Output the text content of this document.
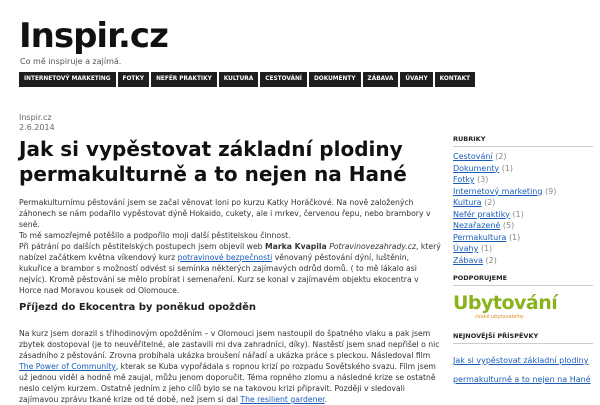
Inspir.cz
Co mě inspiruje a zajímá.
INTERNETOVÝ MARKETING	FOTKY	NEFÉR PRAKTIKY	KULTURA	CESTOVÁNÍ	DOKUMENTY	ZÁBAVA	ÚVAHY	KONTAKT
Inspir.cz
2.6.2014
Jak si vypěstovat základní plodiny permakulturně a to nejen na Hané

Permakulturnímu pěstování jsem se začal věnovat loni po kurzu Katky Horáčkové. Na nově založených záhonech se nám podařilo vypěstovat dýně Hokaido, cukety, ale i mrkev, červenou řepu, nebo brambory v seně.

To mě samozřejmě potěšilo a podpořilo moji další pěstitelskou činnost.

Při pátrání po dalších pěstitelských postupech jsem objevil web Marka Kvapila Potravinovezahrady.cz, který nabízel začátkem května víkendový kurz potravinové bezpečnosti věnovaný pěstování dýní, luštěnin, kukuřice a brambor s možností odvést si semínka některých zajímavých odrůd domů. ( to mě lákalo asi nejvíc). Kromě pěstování se mělo probírat i semenaření. Kurz se konal v zajímavém objektu ekocentra v Horce nad Moravou kousek od Olomouce.

Příjezd do Ekocentra by poněkud opožděn
Na kurz jsem dorazil s třihodinovým opožděním – v Olomouci jsem nastoupil do špatného vlaku a pak jsem zbytek dostopoval (je to neuvěřitelné, ale zastavili mi dva zahradníci, díky). Nastěstí jsem snad nepřišel o nic zásadního z pěstování. Zrovna probíhala ukázka broušení nářadí a ukázka práce s pleckou. Následoval film The Power of Community, kterak se Kuba vypořádala s ropnou krizí po rozpadu Sovětského svazu. Film jsem už jednou viděl a hodně mě zaujal, můžu jenom doporučit. Téma ropného zlomu a následné krize se ostatně neslo celým kurzem. Ostatně jedním z jeho cílů bylo se na takovou krizi připravit. Později v sledovali zajímavou zprávu tkané krize od té době, než jsem si dal The resilient gardener.
RUBRIKY
Cestování (2)
Dokumenty (1)
Fotky (3)
Internetový marketing (9)
Kultura (2)
Nefér praktiky (1)
Nezařazené (5)
Permakultura (1)
Úvahy (1)
Zábava (2)
PODPORUJEME
Ubytování
české ubytovatelny
NEJNOVĚJŠÍ PŘÍSPĚVKY
Jak si vypěstovat základní plodiny permakulturně a to nejen na Hané
